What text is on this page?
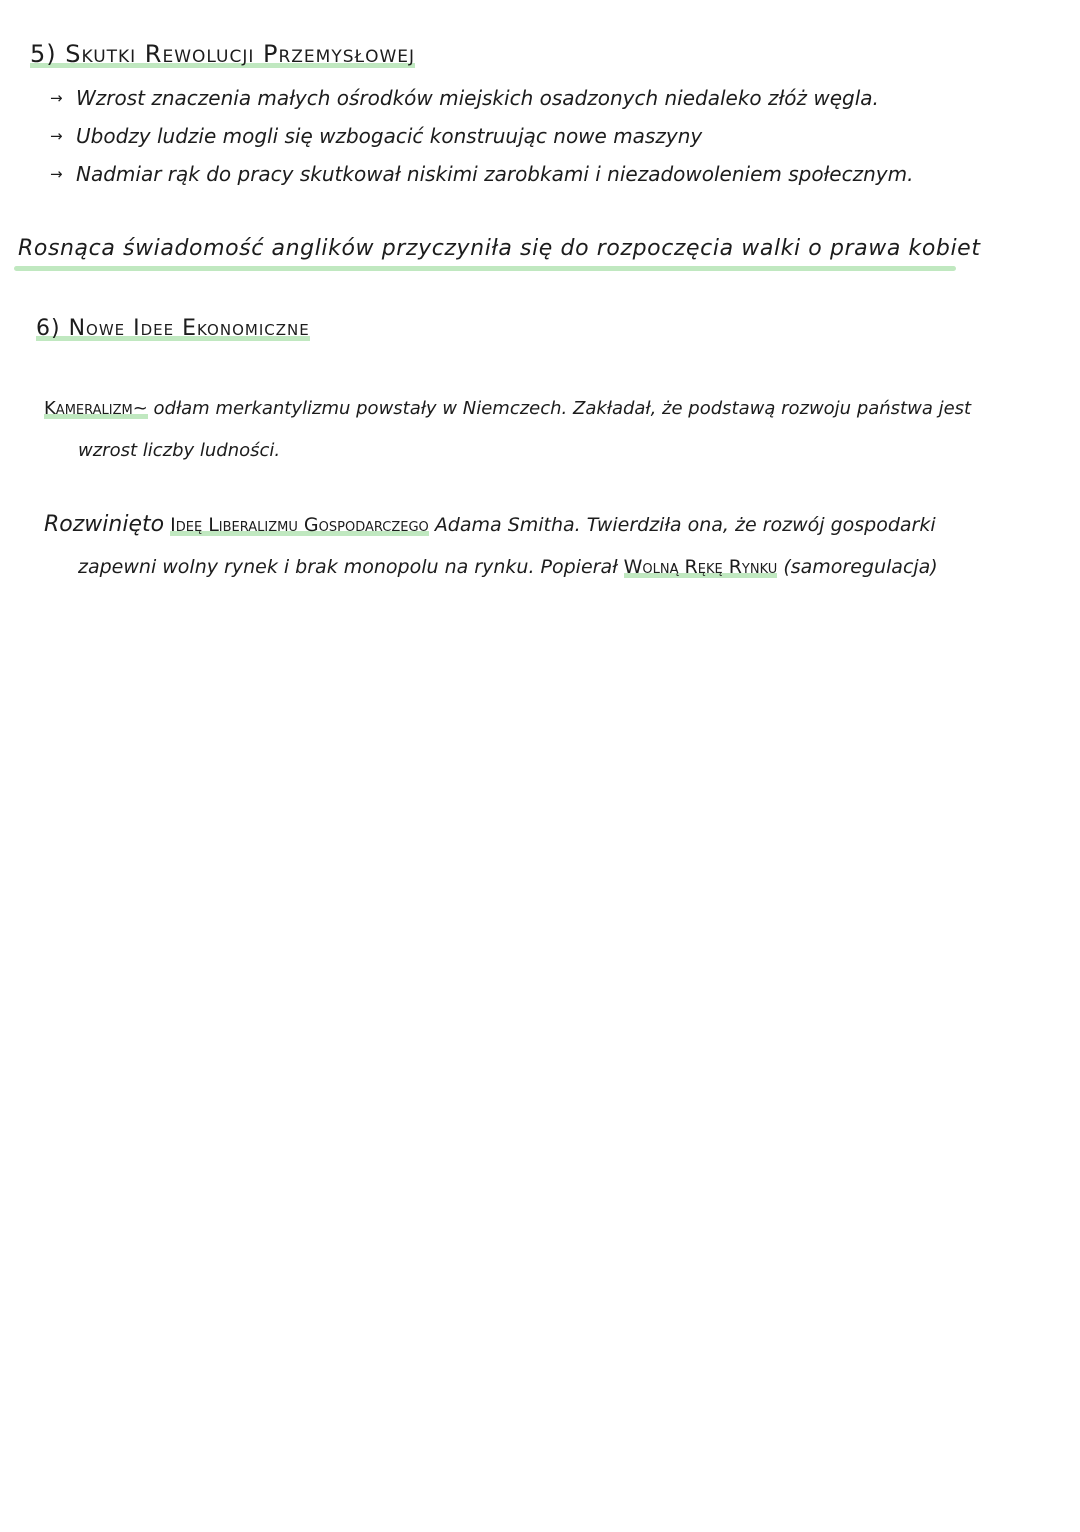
5) Skutki Rewolucji Przemysłowej
→ Wzrost znaczenia małych ośrodków miejskich osadzonych niedaleko złóż węgla.
→ Ubodzy ludzie mogli się wzbogacić konstruując nowe maszyny
→ Nadmiar rąk do pracy skutkował niskimi zarobkami i niezadowoleniem społecznym.
Rosnąca świadomość anglików przyczyniła się do rozpoczęcia walki o prawa kobiet
6) Nowe Idee Ekonomiczne
Kameralizm~ odłam merkantylizmu powstały w Niemczech. Zakładał, że podstawą rozwoju państwa jest
wzrost liczby ludności.
Rozwinięto Ideę Liberalizmu Gospodarczego Adama Smitha. Twierdziła ona, że rozwój gospodarki
zapewni wolny rynek i brak monopolu na rynku. Popierał Wolną Rękę Rynku (samoregulacja)
